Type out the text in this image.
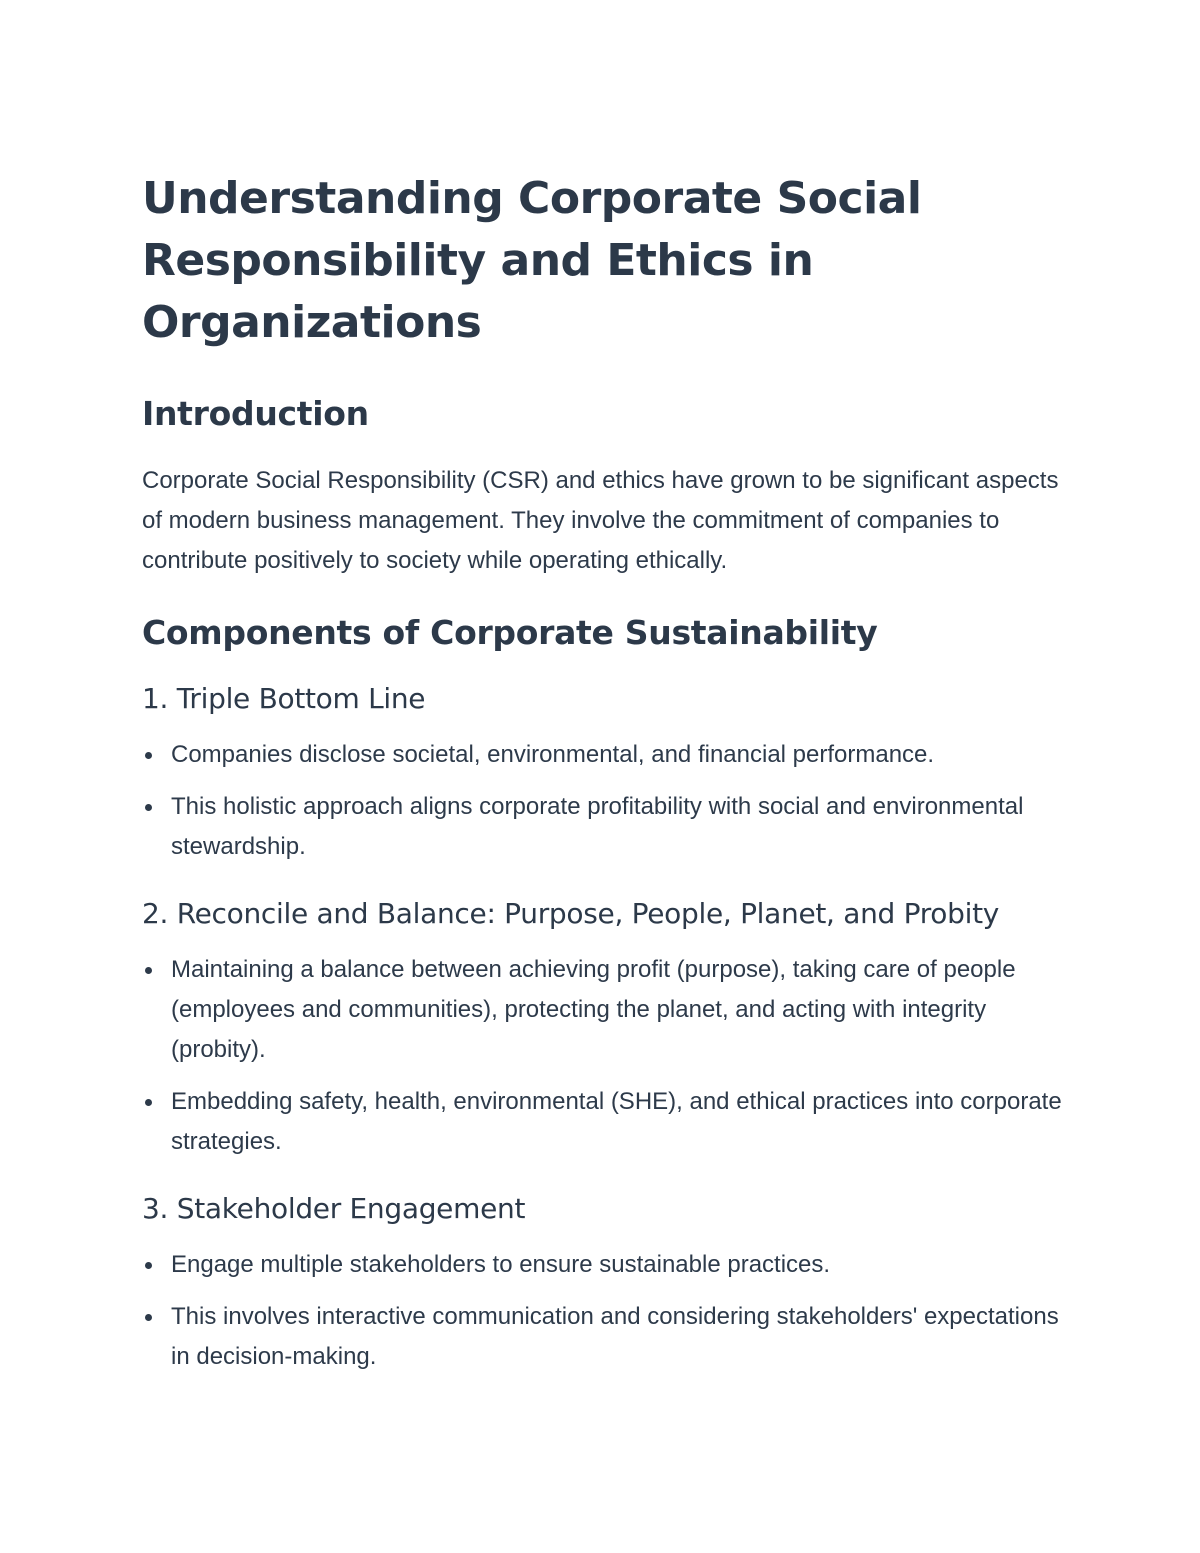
Understanding Corporate Social Responsibility and Ethics in Organizations
Introduction

Corporate Social Responsibility (CSR) and ethics have grown to be significant aspects of modern business management. They involve the commitment of companies to contribute positively to society while operating ethically.

Components of Corporate Sustainability
1. Triple Bottom Line
Companies disclose societal, environmental, and financial performance.
This holistic approach aligns corporate profitability with social and environmental stewardship.
2. Reconcile and Balance: Purpose, People, Planet, and Probity
Maintaining a balance between achieving profit (purpose), taking care of people (employees and communities), protecting the planet, and acting with integrity (probity).
Embedding safety, health, environmental (SHE), and ethical practices into corporate strategies.
3. Stakeholder Engagement
Engage multiple stakeholders to ensure sustainable practices.
This involves interactive communication and considering stakeholders' expectations in decision-making.
